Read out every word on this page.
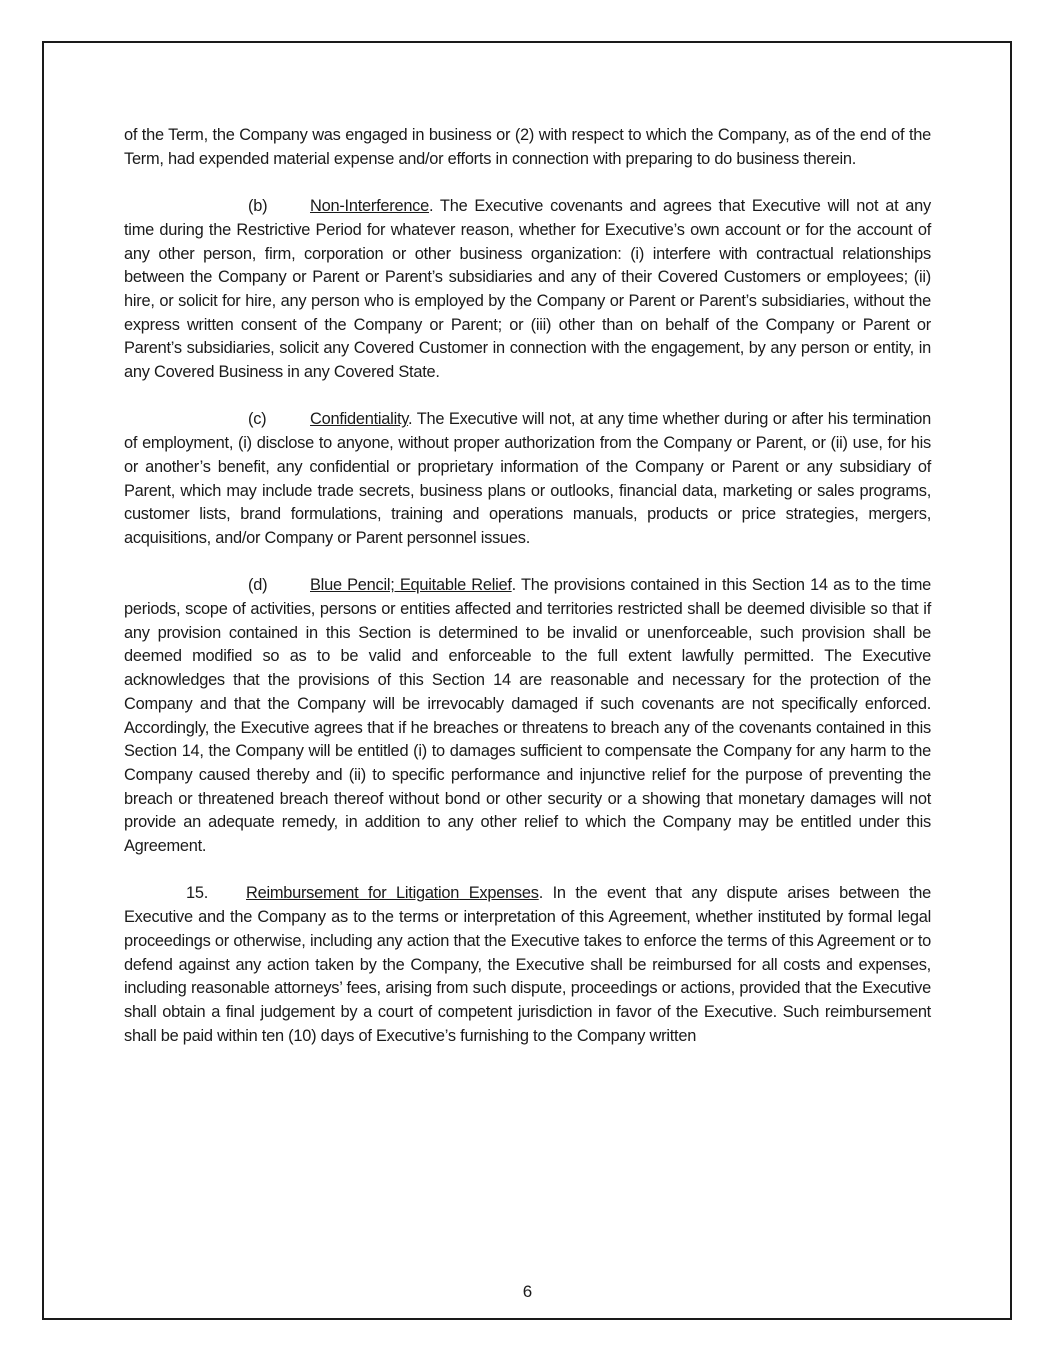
of the Term, the Company was engaged in business or (2) with respect to which the Company, as of the end of the Term, had expended material expense and/or efforts in connection with preparing to do business therein.

(b)	Non-Interference. The Executive covenants and agrees that Executive will not at any time during the Restrictive Period for whatever reason, whether for Executive’s own account or for the account of any other person, firm, corporation or other business organization: (i) interfere with contractual relationships between the Company or Parent or Parent’s subsidiaries and any of their Covered Customers or employees; (ii) hire, or solicit for hire, any person who is employed by the Company or Parent or Parent’s subsidiaries, without the express written consent of the Company or Parent; or (iii) other than on behalf of the Company or Parent or Parent’s subsidiaries, solicit any Covered Customer in connection with the engagement, by any person or entity, in any Covered Business in any Covered State.

(c)	Confidentiality. The Executive will not, at any time whether during or after his termination of employment, (i) disclose to anyone, without proper authorization from the Company or Parent, or (ii) use, for his or another’s benefit, any confidential or proprietary information of the Company or Parent or any subsidiary of Parent, which may include trade secrets, business plans or outlooks, financial data, marketing or sales programs, customer lists, brand formulations, training and operations manuals, products or price strategies, mergers, acquisitions, and/or Company or Parent personnel issues.

(d)	Blue Pencil; Equitable Relief. The provisions contained in this Section 14 as to the time periods, scope of activities, persons or entities affected and territories restricted shall be deemed divisible so that if any provision contained in this Section is determined to be invalid or unenforceable, such provision shall be deemed modified so as to be valid and enforceable to the full extent lawfully permitted. The Executive acknowledges that the provisions of this Section 14 are reasonable and necessary for the protection of the Company and that the Company will be irrevocably damaged if such covenants are not specifically enforced. Accordingly, the Executive agrees that if he breaches or threatens to breach any of the covenants contained in this Section 14, the Company will be entitled (i) to damages sufficient to compensate the Company for any harm to the Company caused thereby and (ii) to specific performance and injunctive relief for the purpose of preventing the breach or threatened breach thereof without bond or other security or a showing that monetary damages will not provide an adequate remedy, in addition to any other relief to which the Company may be entitled under this Agreement.

15. Reimbursement for Litigation Expenses. In the event that any dispute arises between the Executive and the Company as to the terms or interpretation of this Agreement, whether instituted by formal legal proceedings or otherwise, including any action that the Executive takes to enforce the terms of this Agreement or to defend against any action taken by the Company, the Executive shall be reimbursed for all costs and expenses, including reasonable attorneys’ fees, arising from such dispute, proceedings or actions, provided that the Executive shall obtain a final judgement by a court of competent jurisdiction in favor of the Executive. Such reimbursement shall be paid within ten (10) days of Executive’s furnishing to the Company written

6
